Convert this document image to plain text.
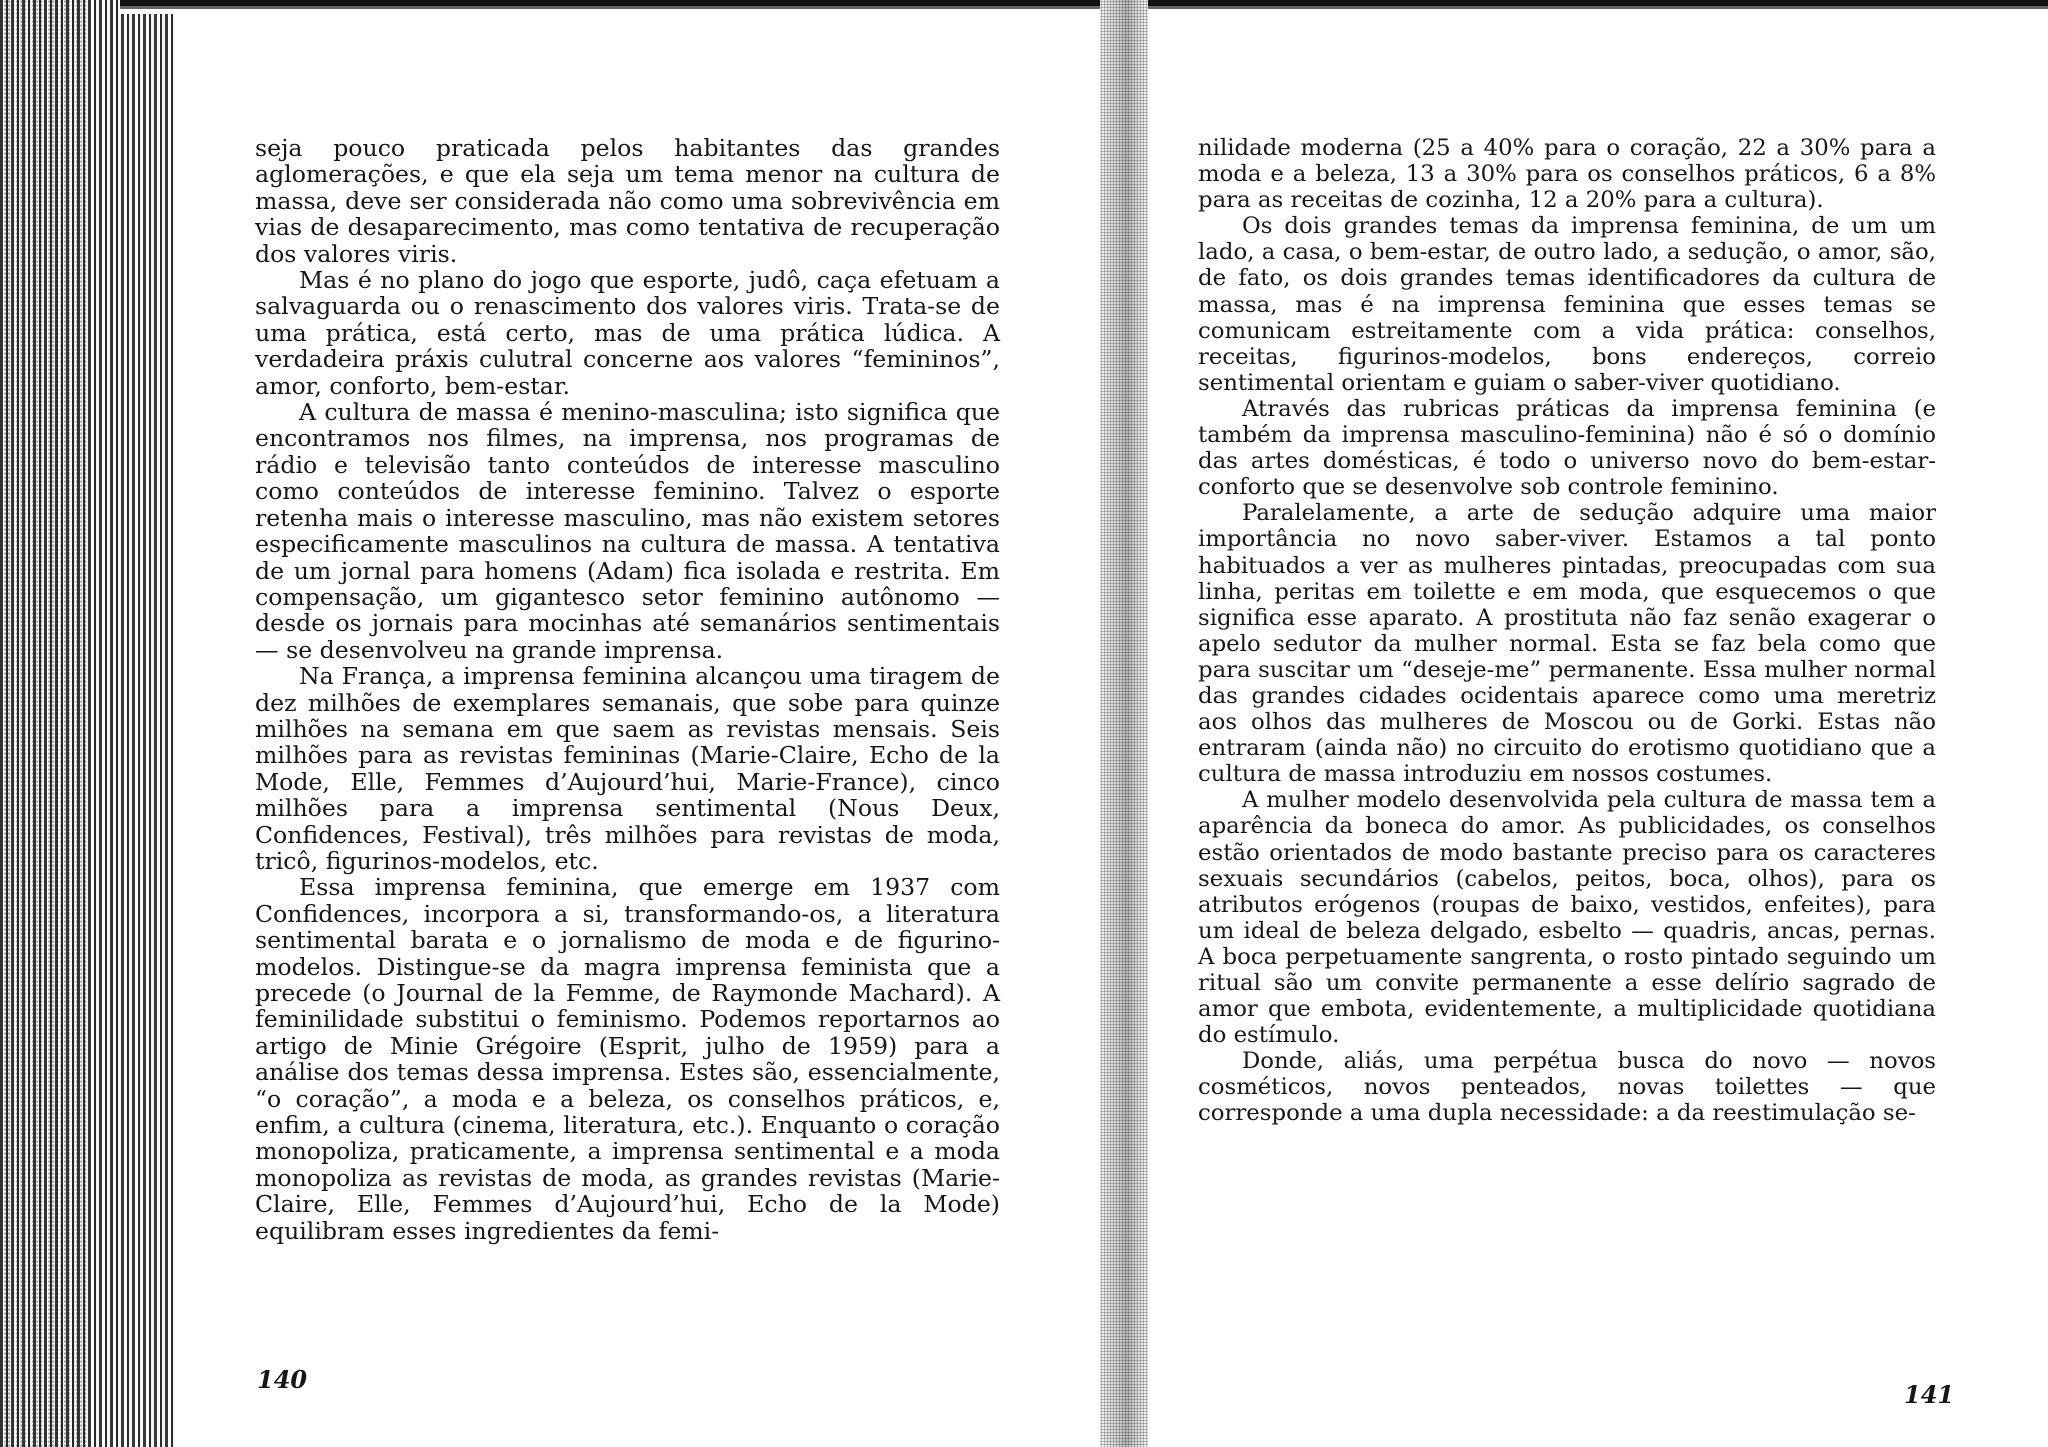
seja pouco praticada pelos habitantes das grandes aglomerações, e que ela seja um tema menor na cultura de massa, deve ser considerada não como uma sobrevivência em vias de desaparecimento, mas como tentativa de recuperação dos valores viris.

Mas é no plano do jogo que esporte, judô, caça efetuam a salvaguarda ou o renascimento dos valores viris. Trata-se de uma prática, está certo, mas de uma prática lúdica. A verdadeira práxis culutral concerne aos valores “femininos”, amor, conforto, bem-estar.

A cultura de massa é menino-masculina; isto significa que encontramos nos filmes, na imprensa, nos programas de rádio e televisão tanto conteúdos de interesse masculino como conteúdos de interesse feminino. Talvez o esporte retenha mais o interesse masculino, mas não existem setores especificamente masculinos na cultura de massa. A tentativa de um jornal para homens (Adam) fica isolada e restrita. Em compensação, um gigantesco setor feminino autônomo — desde os jornais para mocinhas até semanários sentimentais — se desenvolveu na grande imprensa.

Na França, a imprensa feminina alcançou uma tiragem de dez milhões de exemplares semanais, que sobe para quinze milhões na semana em que saem as revistas mensais. Seis milhões para as revistas femininas (Marie-Claire, Echo de la Mode, Elle, Femmes d’Aujourd’hui, Marie-France), cinco milhões para a imprensa sentimental (Nous Deux, Confidences, Festival), três milhões para revistas de moda, tricô, figurinos-modelos, etc.

Essa imprensa feminina, que emerge em 1937 com Confidences, incorpora a si, transformando-os, a literatura sentimental barata e o jornalismo de moda e de figurino-modelos. Distingue-se da magra imprensa feminista que a precede (o Journal de la Femme, de Raymonde Machard). A feminilidade substitui o feminismo. Podemos reportarnos ao artigo de Minie Grégoire (Esprit, julho de 1959) para a análise dos temas dessa imprensa. Estes são, essencialmente, “o coração”, a moda e a beleza, os conselhos práticos, e, enfim, a cultura (cinema, literatura, etc.). Enquanto o coração monopoliza, praticamente, a imprensa sentimental e a moda monopoliza as revistas de moda, as grandes revistas (Marie-Claire, Elle, Femmes d’Aujourd’hui, Echo de la Mode) equilibram esses ingredientes da femi-

140

nilidade moderna (25 a 40% para o coração, 22 a 30% para a moda e a beleza, 13 a 30% para os conselhos práticos, 6 a 8% para as receitas de cozinha, 12 a 20% para a cultura).

Os dois grandes temas da imprensa feminina, de um um lado, a casa, o bem-estar, de outro lado, a sedução, o amor, são, de fato, os dois grandes temas identificadores da cultura de massa, mas é na imprensa feminina que esses temas se comunicam estreitamente com a vida prática: conselhos, receitas, figurinos-modelos, bons endereços, correio sentimental orientam e guiam o saber-viver quotidiano.

Através das rubricas práticas da imprensa feminina (e também da imprensa masculino-feminina) não é só o domínio das artes domésticas, é todo o universo novo do bem-estar-conforto que se desenvolve sob controle feminino.

Paralelamente, a arte de sedução adquire uma maior importância no novo saber-viver. Estamos a tal ponto habituados a ver as mulheres pintadas, preocupadas com sua linha, peritas em toilette e em moda, que esquecemos o que significa esse aparato. A prostituta não faz senão exagerar o apelo sedutor da mulher normal. Esta se faz bela como que para suscitar um “deseje-me” permanente. Essa mulher normal das grandes cidades ocidentais aparece como uma meretriz aos olhos das mulheres de Moscou ou de Gorki. Estas não entraram (ainda não) no circuito do erotismo quotidiano que a cultura de massa introduziu em nossos costumes.

A mulher modelo desenvolvida pela cultura de massa tem a aparência da boneca do amor. As publicidades, os conselhos estão orientados de modo bastante preciso para os caracteres sexuais secundários (cabelos, peitos, boca, olhos), para os atributos erógenos (roupas de baixo, vestidos, enfeites), para um ideal de beleza delgado, esbelto — quadris, ancas, pernas. A boca perpetuamente sangrenta, o rosto pintado seguindo um ritual são um convite permanente a esse delírio sagrado de amor que embota, evidentemente, a multiplicidade quotidiana do estímulo.

Donde, aliás, uma perpétua busca do novo — novos cosméticos, novos penteados, novas toilettes — que corresponde a uma dupla necessidade: a da reestimulação se-

141
